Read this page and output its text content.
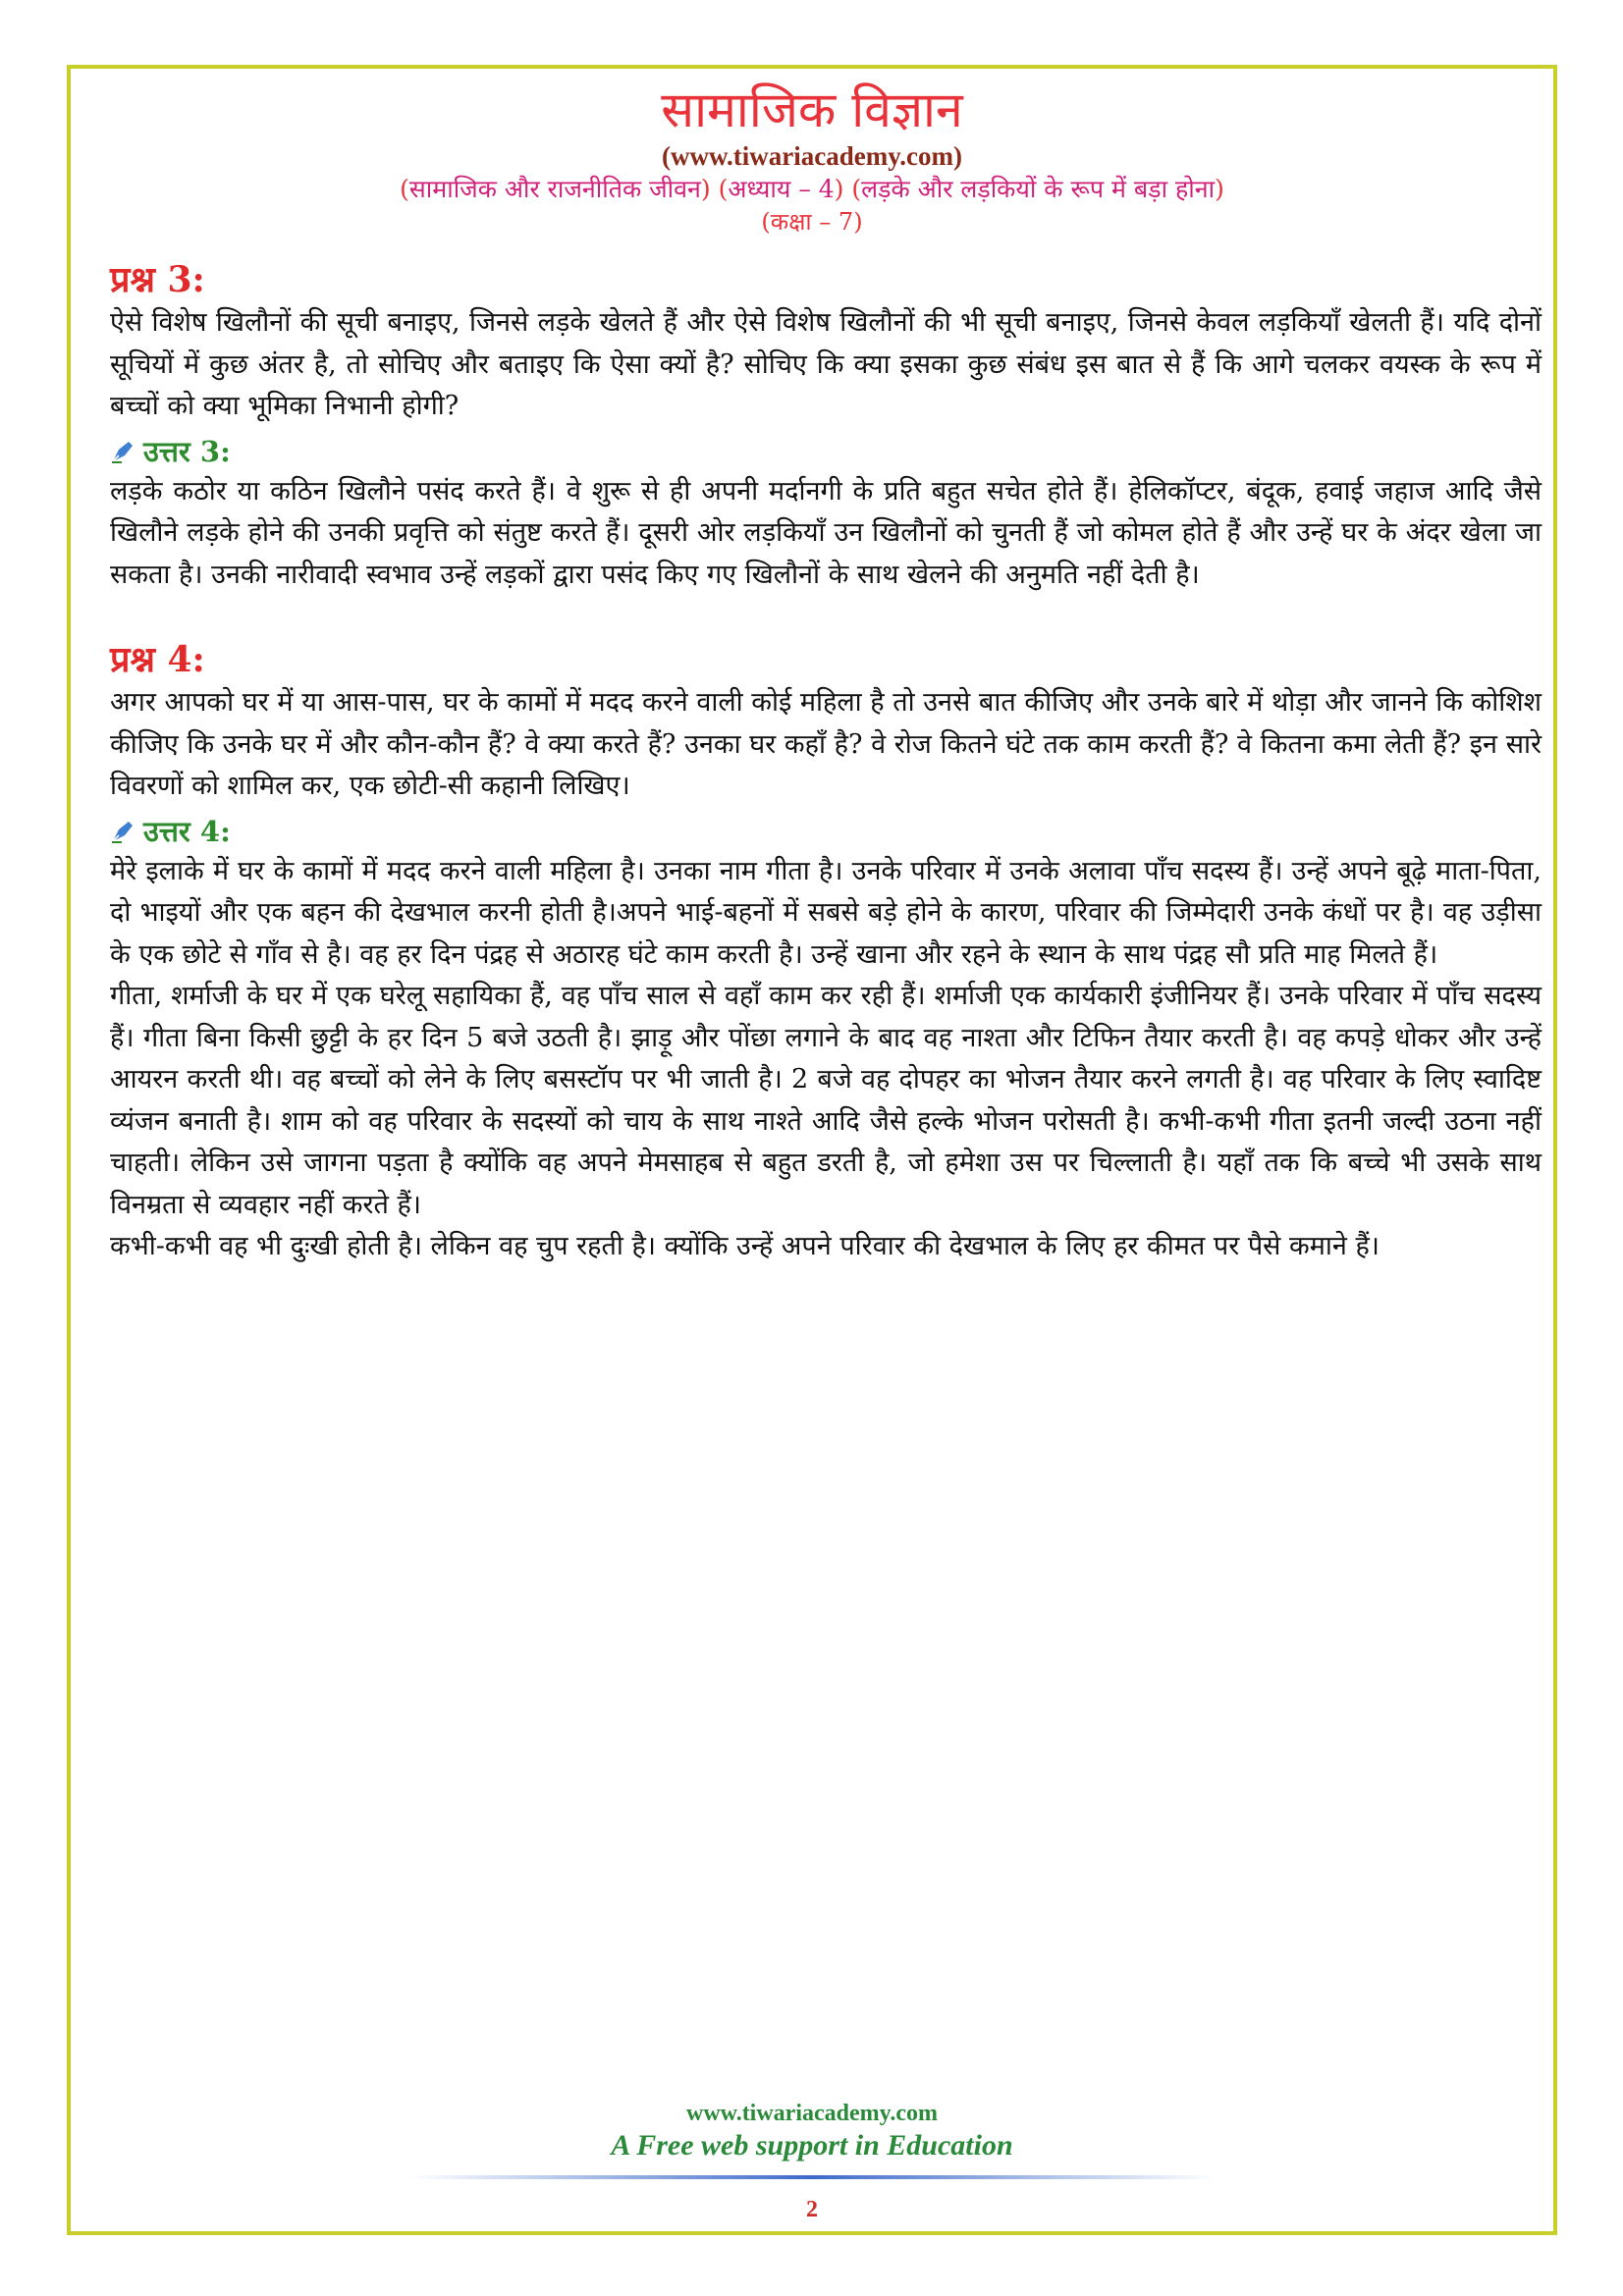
सामाजिक विज्ञान
(www.tiwariacademy.com)
(सामाजिक और राजनीतिक जीवन) (अध्याय – 4) (लड़के और लड़कियों के रूप में बड़ा होना)
(कक्षा – 7)
प्रश्न 3:

ऐसे विशेष खिलौनों की सूची बनाइए, जिनसे लड़के खेलते हैं और ऐसे विशेष खिलौनों की भी सूची बनाइए, जिनसे केवल लड़कियाँ खेलती हैं। यदि दोनों सूचियों में कुछ अंतर है, तो सोचिए और बताइए कि ऐसा क्यों है? सोचिए कि क्या इसका कुछ संबंध इस बात से हैं कि आगे चलकर वयस्क के रूप में बच्चों को क्या भूमिका निभानी होगी?

उत्तर 3:

लड़के कठोर या कठिन खिलौने पसंद करते हैं। वे शुरू से ही अपनी मर्दानगी के प्रति बहुत सचेत होते हैं। हेलिकॉप्टर, बंदूक, हवाई जहाज आदि जैसे खिलौने लड़के होने की उनकी प्रवृत्ति को संतुष्ट करते हैं। दूसरी ओर लड़कियाँ उन खिलौनों को चुनती हैं जो कोमल होते हैं और उन्हें घर के अंदर खेला जा सकता है। उनकी नारीवादी स्वभाव उन्हें लड़कों द्वारा पसंद किए गए खिलौनों के साथ खेलने की अनुमति नहीं देती है।

प्रश्न 4:

अगर आपको घर में या आस-पास, घर के कामों में मदद करने वाली कोई महिला है तो उनसे बात कीजिए और उनके बारे में थोड़ा और जानने कि कोशिश कीजिए कि उनके घर में और कौन-कौन हैं? वे क्या करते हैं? उनका घर कहाँ है? वे रोज कितने घंटे तक काम करती हैं? वे कितना कमा लेती हैं? इन सारे विवरणों को शामिल कर, एक छोटी-सी कहानी लिखिए।

उत्तर 4:

मेरे इलाके में घर के कामों में मदद करने वाली महिला है। उनका नाम गीता है। उनके परिवार में उनके अलावा पाँच सदस्य हैं। उन्हें अपने बूढ़े माता-पिता, दो भाइयों और एक बहन की देखभाल करनी होती है।अपने भाई-बहनों में सबसे बड़े होने के कारण, परिवार की जिम्मेदारी उनके कंधों पर है। वह उड़ीसा के एक छोटे से गाँव से है। वह हर दिन पंद्रह से अठारह घंटे काम करती है। उन्हें खाना और रहने के स्थान के साथ पंद्रह सौ प्रति माह मिलते हैं।

गीता, शर्माजी के घर में एक घरेलू सहायिका हैं, वह पाँच साल से वहाँ काम कर रही हैं। शर्माजी एक कार्यकारी इंजीनियर हैं। उनके परिवार में पाँच सदस्य हैं। गीता बिना किसी छुट्टी के हर दिन 5 बजे उठती है। झाड़ू और पोंछा लगाने के बाद वह नाश्ता और टिफिन तैयार करती है। वह कपड़े धोकर और उन्हें आयरन करती थी। वह बच्चों को लेने के लिए बसस्टॉप पर भी जाती है। 2 बजे वह दोपहर का भोजन तैयार करने लगती है। वह परिवार के लिए स्वादिष्ट व्यंजन बनाती है। शाम को वह परिवार के सदस्यों को चाय के साथ नाश्ते आदि जैसे हल्के भोजन परोसती है। कभी-कभी गीता इतनी जल्दी उठना नहीं चाहती। लेकिन उसे जागना पड़ता है क्योंकि वह अपने मेमसाहब से बहुत डरती है, जो हमेशा उस पर चिल्लाती है। यहाँ तक कि बच्चे भी उसके साथ विनम्रता से व्यवहार नहीं करते हैं।

कभी-कभी वह भी दुःखी होती है। लेकिन वह चुप रहती है। क्योंकि उन्हें अपने परिवार की देखभाल के लिए हर कीमत पर पैसे कमाने हैं।

www.tiwariacademy.com
A Free web support in Education
2
